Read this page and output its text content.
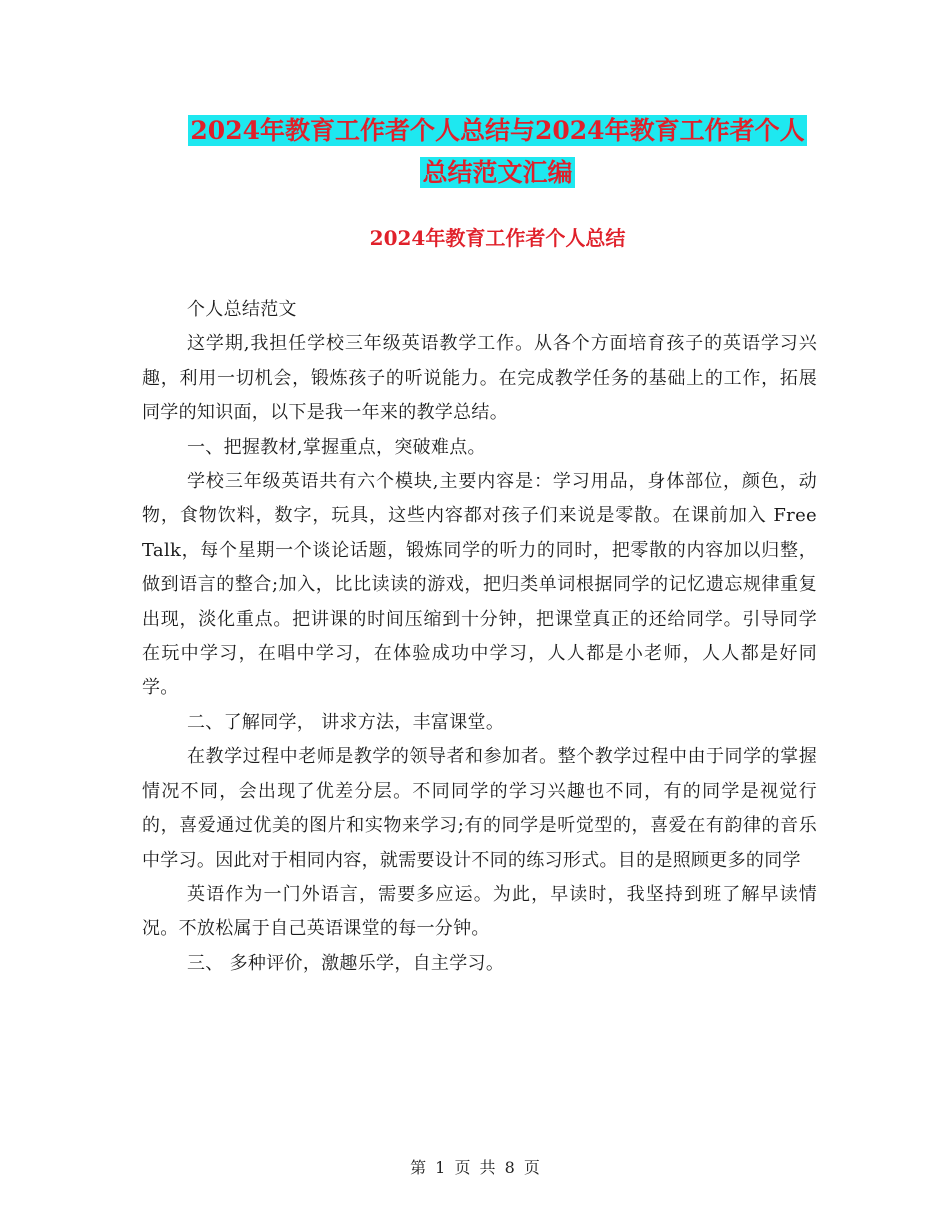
2024年教育工作者个人总结与2024年教育工作者个人
总结范文汇编
2024年教育工作者个人总结

个人总结范文

这学期,我担任学校三年级英语教学工作。从各个方面培育孩子的英语学习兴趣，利用一切机会，锻炼孩子的听说能力。在完成教学任务的基础上的工作，拓展同学的知识面，以下是我一年来的教学总结。

一、把握教材,掌握重点，突破难点。

学校三年级英语共有六个模块,主要内容是：学习用品，身体部位，颜色，动物，食物饮料，数字，玩具，这些内容都对孩子们来说是零散。在课前加入 Free Talk，每个星期一个谈论话题，锻炼同学的听力的同时，把零散的内容加以归整，做到语言的整合;加入，比比读读的游戏，把归类单词根据同学的记忆遗忘规律重复出现，淡化重点。把讲课的时间压缩到十分钟，把课堂真正的还给同学。引导同学在玩中学习，在唱中学习，在体验成功中学习，人人都是小老师，人人都是好同学。

二、了解同学， 讲求方法，丰富课堂。

在教学过程中老师是教学的领导者和参加者。整个教学过程中由于同学的掌握情况不同，会出现了优差分层。不同同学的学习兴趣也不同，有的同学是视觉行的，喜爱通过优美的图片和实物来学习;有的同学是听觉型的，喜爱在有韵律的音乐中学习。因此对于相同内容，就需要设计不同的练习形式。目的是照顾更多的同学

英语作为一门外语言，需要多应运。为此，早读时，我坚持到班了解早读情况。不放松属于自己英语课堂的每一分钟。

三、 多种评价，激趣乐学，自主学习。

第 1 页 共 8 页
